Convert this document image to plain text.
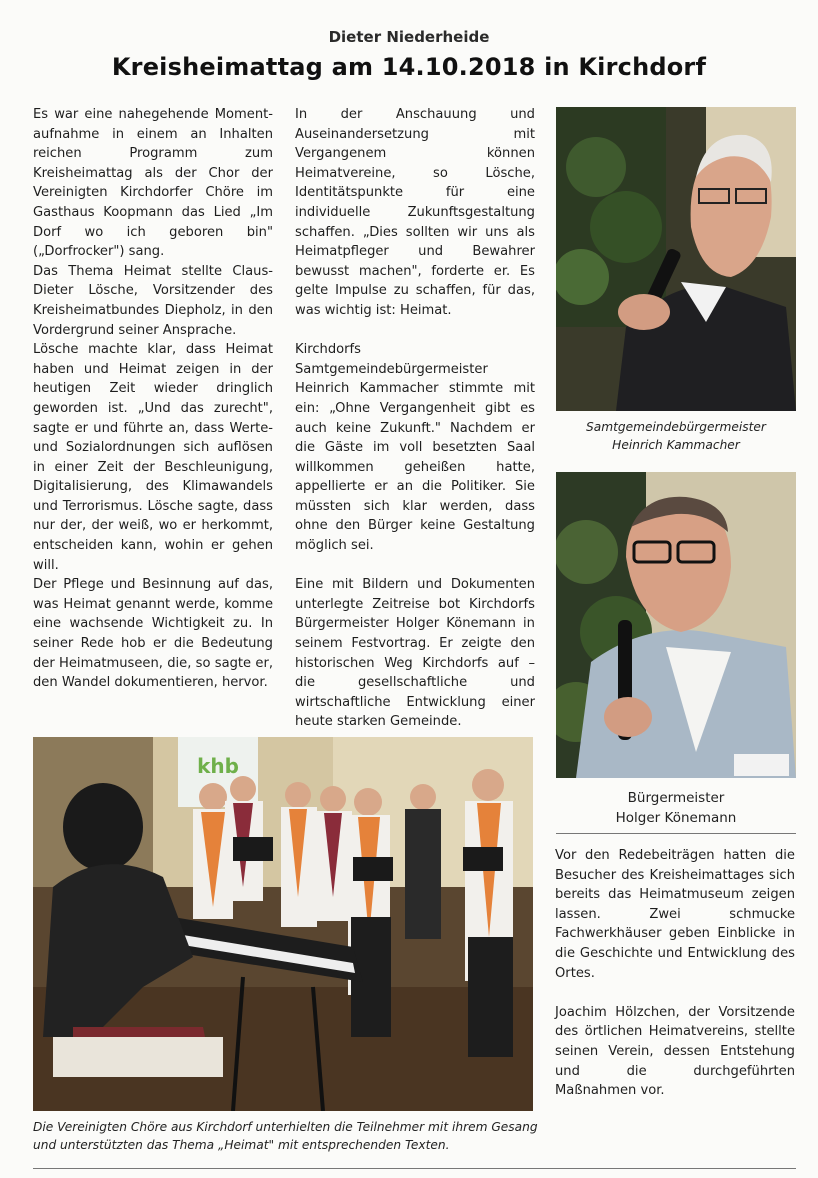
Dieter Niederheide
Kreisheimattag am 14.10.2018 in Kirchdorf

Es war eine nahegehende Moment-aufnahme in einem an Inhalten reichen Programm zum Kreisheimattag als der Chor der Vereinigten Kirchdorfer Chöre im Gasthaus Koopmann das Lied „Im Dorf wo ich geboren bin" („Dorfrocker") sang.

Das Thema Heimat stellte Claus-Dieter Lösche, Vorsitzender des Kreisheimatbundes Diepholz, in den Vordergrund seiner Ansprache.

Lösche machte klar, dass Heimat haben und Heimat zeigen in der heutigen Zeit wieder dringlich geworden ist. „Und das zurecht", sagte er und führte an, dass Werte- und Sozialordnungen sich auflösen in einer Zeit der Beschleunigung, Digitalisierung, des Klimawandels und Terrorismus. Lösche sagte, dass nur der, der weiß, wo er herkommt, entscheiden kann, wohin er gehen will.

Der Pflege und Besinnung auf das, was Heimat genannt werde, komme eine wachsende Wichtigkeit zu. In seiner Rede hob er die Bedeutung der Heimatmuseen, die, so sagte er, den Wandel dokumentieren, hervor.

In der Anschauung und Auseinandersetzung mit Vergangenem können Heimatvereine, so Lösche, Identitätspunkte für eine individuelle Zukunftsgestaltung schaffen. „Dies sollten wir uns als Heimatpfleger und Bewahrer bewusst machen", forderte er. Es gelte Impulse zu schaffen, für das, was wichtig ist: Heimat.

Kirchdorfs Samtgemeindebürgermeister Heinrich Kammacher stimmte mit ein: „Ohne Vergangenheit gibt es auch keine Zukunft." Nachdem er die Gäste im voll besetzten Saal willkommen geheißen hatte, appellierte er an die Politiker. Sie müssten sich klar werden, dass ohne den Bürger keine Gestaltung möglich sei.

Eine mit Bildern und Dokumenten unterlegte Zeitreise bot Kirchdorfs Bürgermeister Holger Könemann in seinem Festvortrag. Er zeigte den historischen Weg Kirchdorfs auf – die gesellschaftliche und wirtschaftliche Entwicklung einer heute starken Gemeinde.

Samtgemeindebürgermeister
Heinrich Kammacher
Bürgermeister
Holger Könemann

Vor den Redebeiträgen hatten die Besucher des Kreisheimattages sich bereits das Heimatmuseum zeigen lassen. Zwei schmucke Fachwerkhäuser geben Einblicke in die Geschichte und Entwicklung des Ortes.

Joachim Hölzchen, der Vorsitzende des örtlichen Heimatvereins, stellte seinen Verein, dessen Entstehung und die durchgeführten Maßnahmen vor.

khb
Die Vereinigten Chöre aus Kirchdorf unterhielten die Teilnehmer mit ihrem Gesang und unterstützten das Thema „Heimat" mit entsprechenden Texten.
